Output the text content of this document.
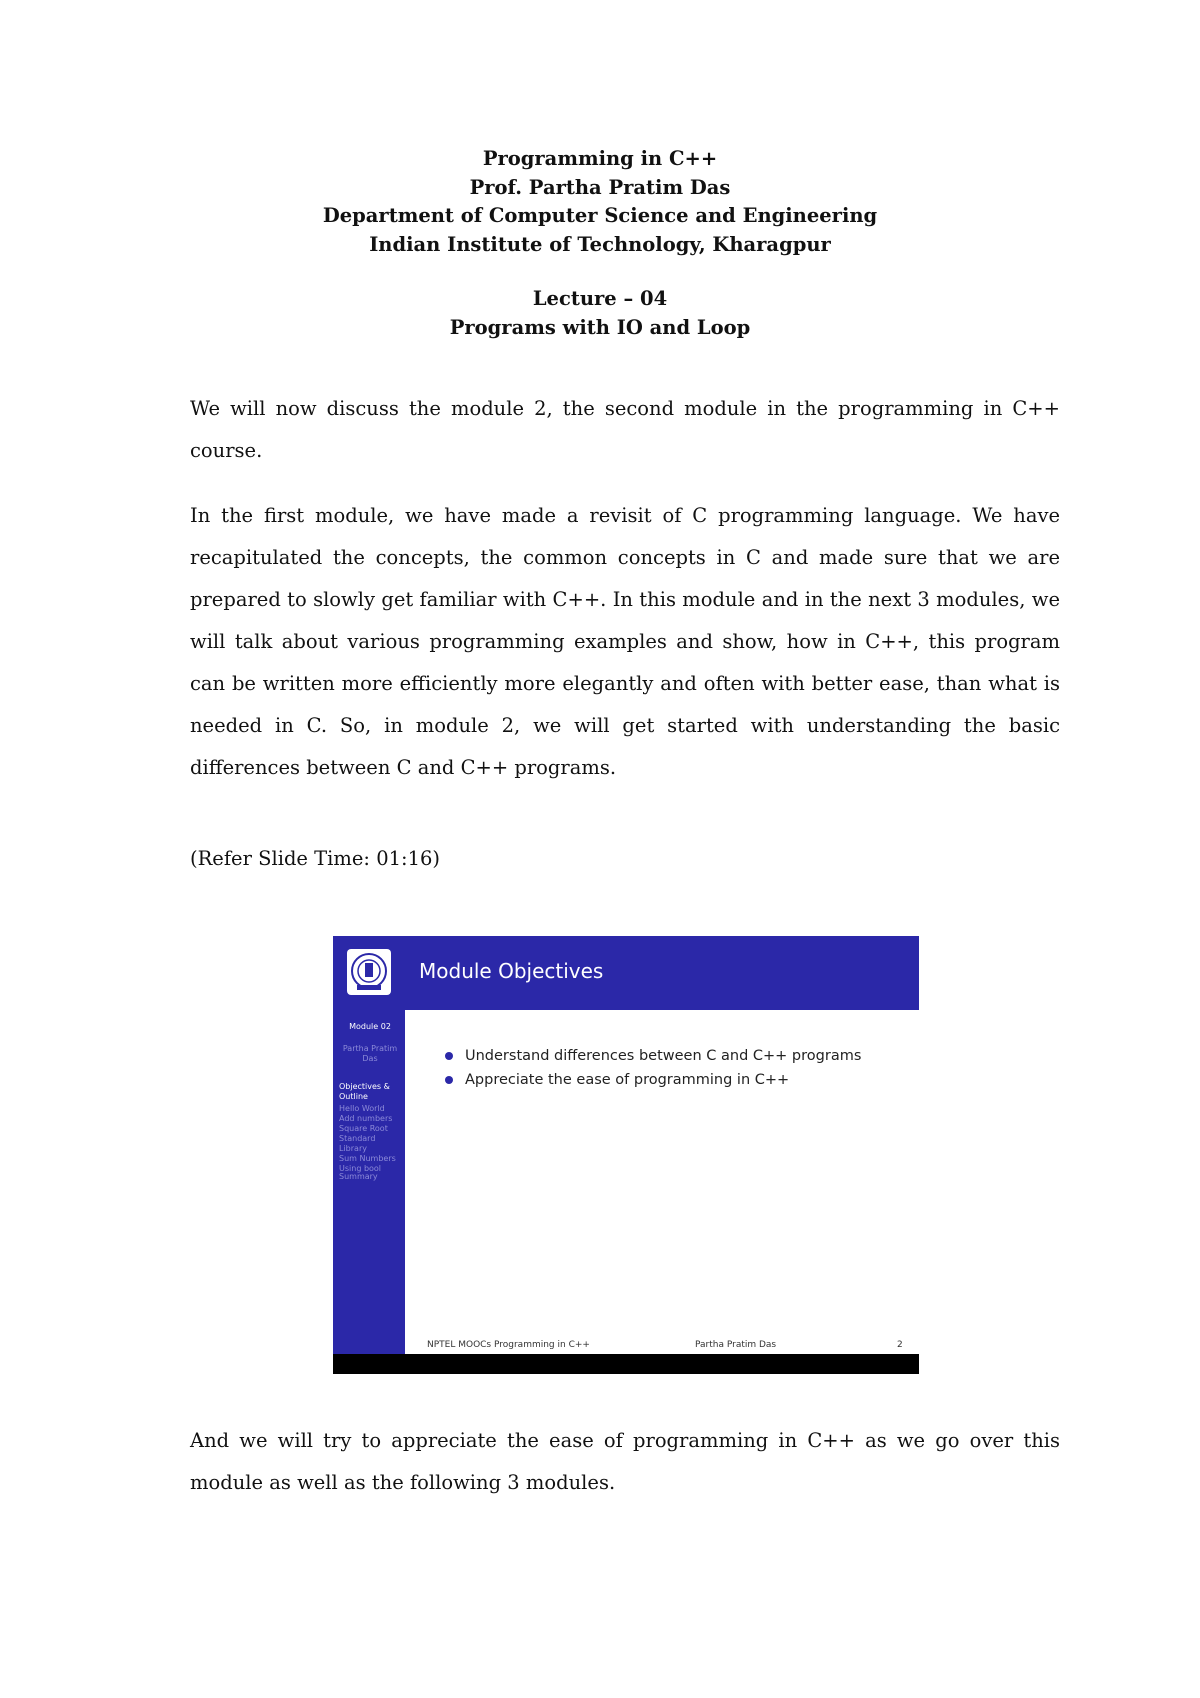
Programming in C++
Prof. Partha Pratim Das
Department of Computer Science and Engineering
Indian Institute of Technology, Kharagpur
Lecture – 04
Programs with IO and Loop

We will now discuss the module 2, the second module in the programming in C++ course.

In the first module, we have made a revisit of C programming language. We have recapitulated the concepts, the common concepts in C and made sure that we are prepared to slowly get familiar with C++. In this module and in the next 3 modules, we will talk about various programming examples and show, how in C++, this program can be written more efficiently more elegantly and often with better ease, than what is needed in C. So, in module 2, we will get started with understanding the basic differences between C and C++ programs.

(Refer Slide Time: 01:16)

Module Objectives
Module 02
Partha Pratim Das
Objectives & Outline
Hello World
Add numbers
Square Root
Standard Library
Sum Numbers
Using bool
Summary
Understand differences between C and C++ programs
Appreciate the ease of programming in C++
NPTEL MOOCs Programming in C++	Partha Pratim Das	2

And we will try to appreciate the ease of programming in C++ as we go over this module as well as the following 3 modules.
